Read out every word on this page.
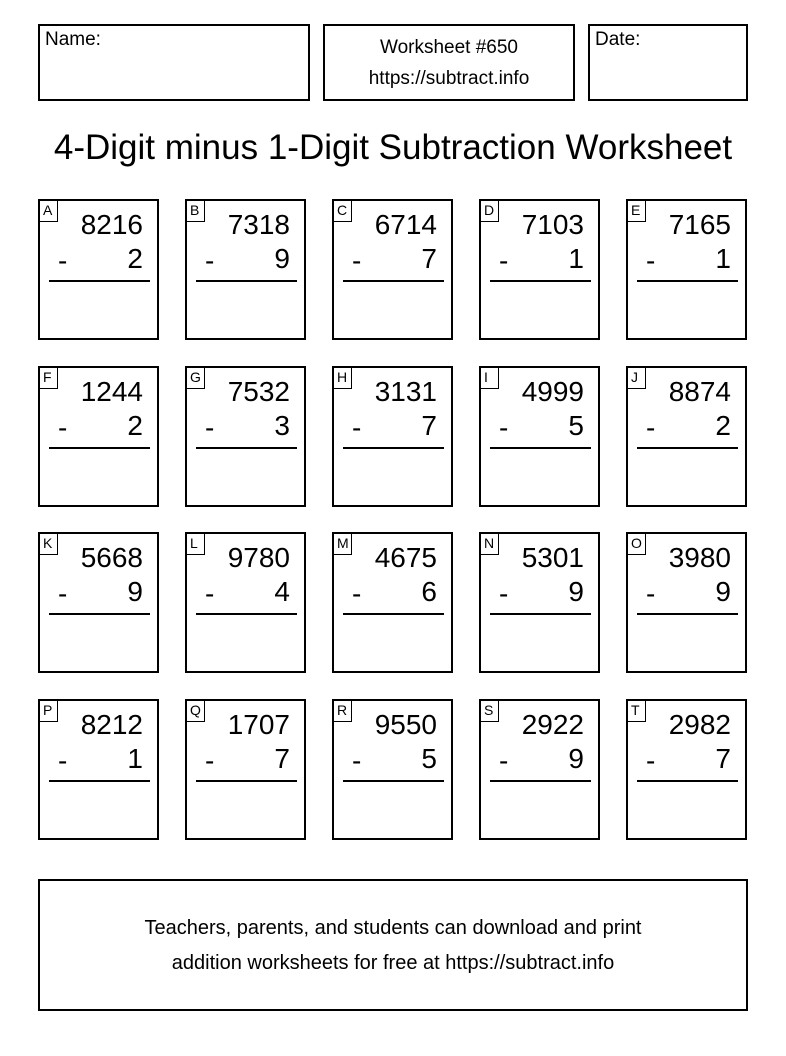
Name:	Worksheet #650
https://subtract.info
Date:
4-Digit minus 1-Digit Subtraction Worksheet
A 8216
- 2
B 7318
- 9
C 6714
- 7
D 7103
- 1
E 7165
- 1
F 1244
- 2
G 7532
- 3
H 3131
- 7
I	4999
- 5
J 8874
- 2
K 5668
- 9
L 9780
- 4
M 4675
- 6
N 5301
- 9
O 3980
- 9
P 8212
- 1
Q 1707
- 7
R 9550
- 5
S 2922
- 9
T 2982
- 7
Teachers, parents, and students can download and print
addition worksheets for free at https://subtract.info
